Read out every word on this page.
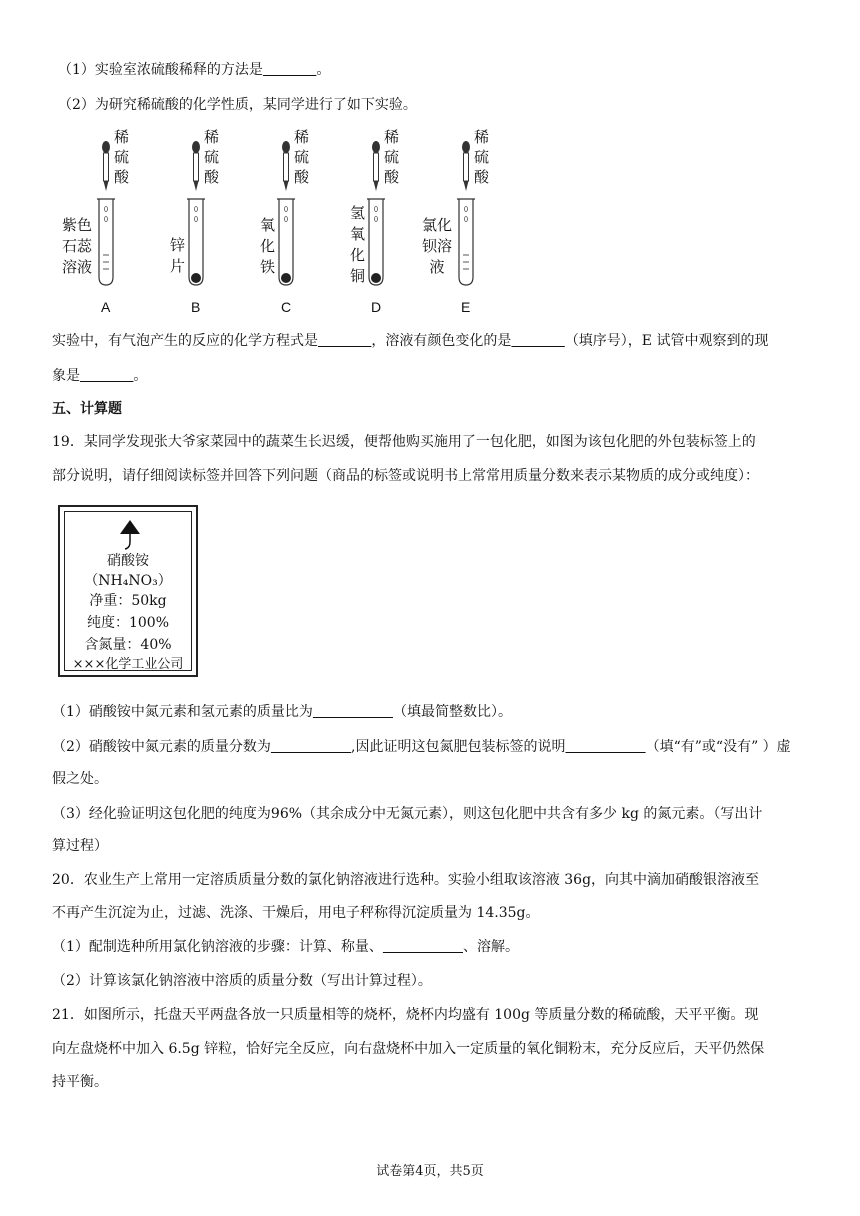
（1）实验室浓硫酸稀释的方法是	。
（2）为研究稀硫酸的化学性质，某同学进行了如下实验。
稀
硫
酸
紫色
石蕊
溶液
A
稀
硫
酸
锌
片
B
稀
硫
酸
氧
化
铁
C
稀
硫
酸
氢
氧
化
铜
D
稀
硫
酸
氯化
钡溶
液
E
实验中，有气泡产生的反应的化学方程式是	，溶液有颜色变化的是	（填序号），E 试管中观察到的现
象是	。
五、计算题
19．某同学发现张大爷家菜园中的蔬菜生长迟缓，便帮他购买施用了一包化肥，如图为该包化肥的外包装标签上的
部分说明，请仔细阅读标签并回答下列问题（商品的标签或说明书上常常用质量分数来表示某物质的成分或纯度）：
硝酸铵
（NH₄NO₃）
净重：50kg
纯度：100%
含氮量：40%
×××化学工业公司
（1）硝酸铵中氮元素和氢元素的质量比为	（填最简整数比）。
（2）硝酸铵中氮元素的质量分数为	,因此证明这包氮肥包装标签的说明	（填“有”或“没有” ）虚
假之处。
（3）经化验证明这包化肥的纯度为96%（其余成分中无氮元素），则这包化肥中共含有多少 kg 的氮元素。（写出计
算过程）
20．农业生产上常用一定溶质质量分数的氯化钠溶液进行选种。实验小组取该溶液 36g，向其中滴加硝酸银溶液至
不再产生沉淀为止，过滤、洗涤、干燥后，用电子秤称得沉淀质量为 14.35g。
（1）配制选种所用氯化钠溶液的步骤：计算、称量、	、溶解。
（2）计算该氯化钠溶液中溶质的质量分数（写出计算过程）。
21．如图所示，托盘天平两盘各放一只质量相等的烧杯，烧杯内均盛有 100g 等质量分数的稀硫酸，天平平衡。现
向左盘烧杯中加入 6.5g 锌粒，恰好完全反应，向右盘烧杯中加入一定质量的氧化铜粉末，充分反应后，天平仍然保
持平衡。
试卷第4页，共5页
